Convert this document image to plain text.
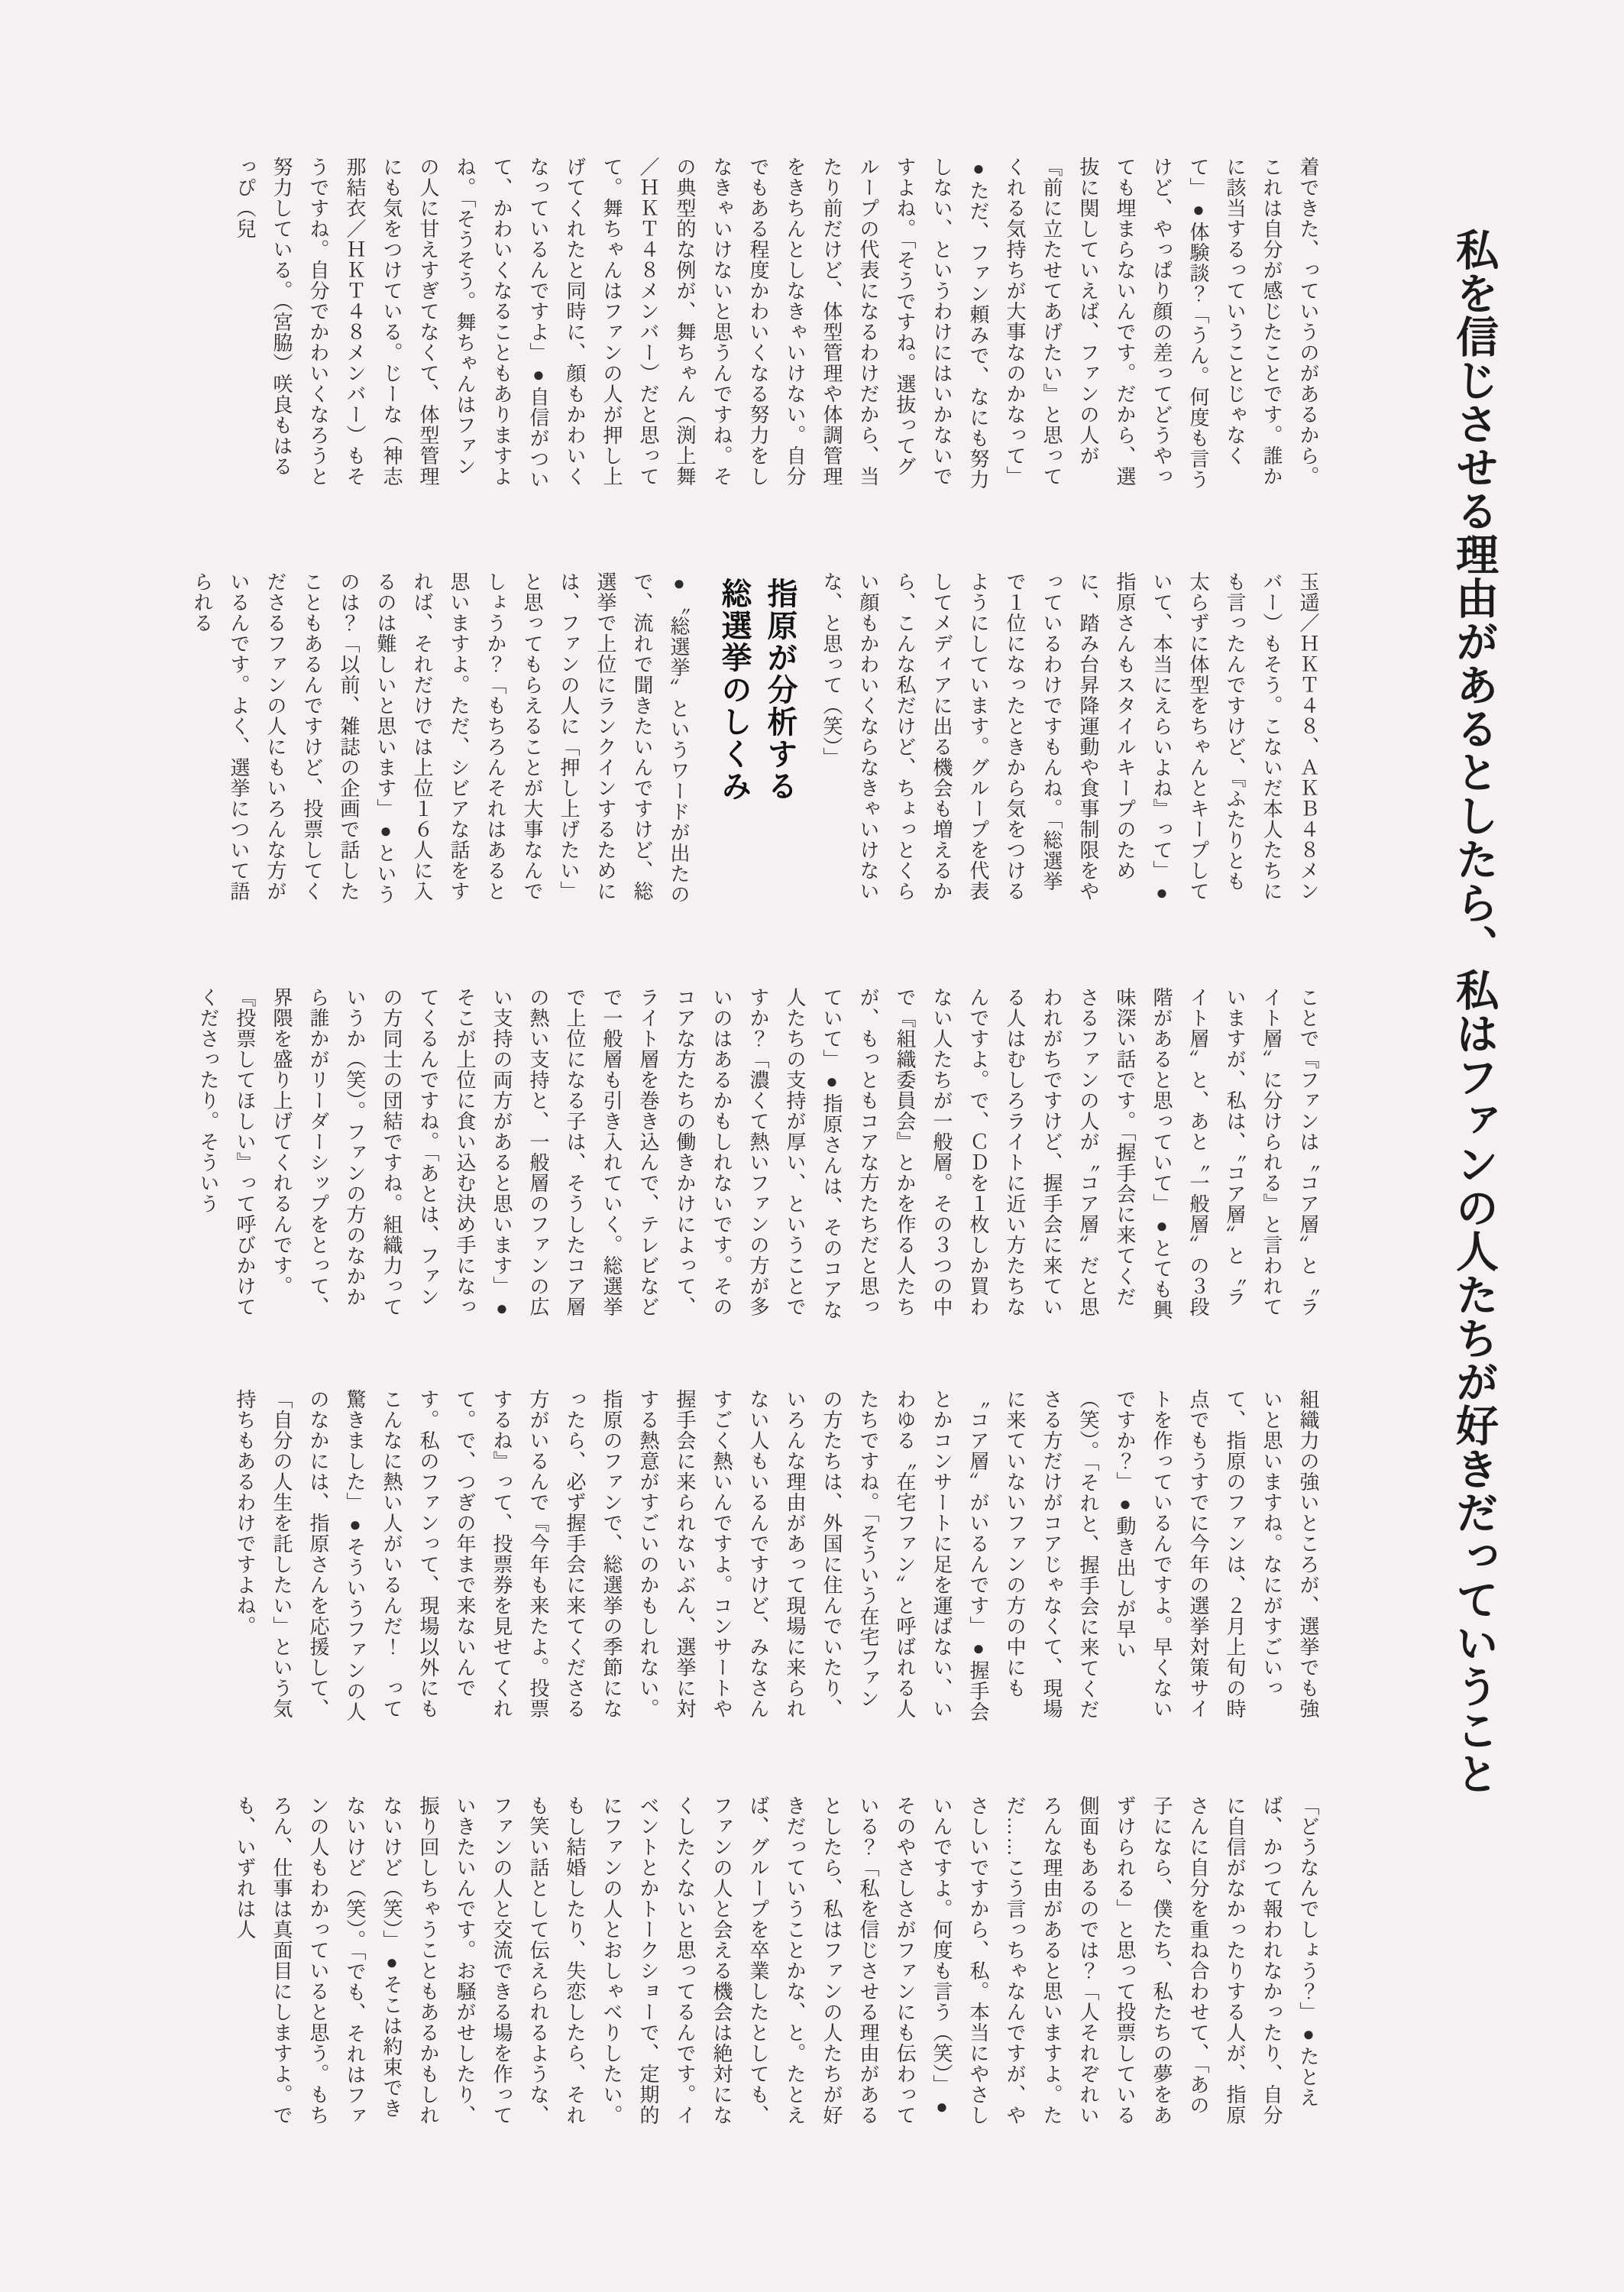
私を信じさせる理由があるとしたら、私はファンの人たちが好きだっていうこと
着できた、っていうのがあるから。これは自分が感じたことです。誰かに該当するっていうことじゃなくて」●体験談？「うん。何度も言うけど、やっぱり顔の差ってどうやっても埋まらないんです。だから、選抜に関していえば、ファンの人が『前に立たせてあげたい』と思ってくれる気持ちが大事なのかなって」●ただ、ファン頼みで、なにも努力しない、というわけにはいかないですよね。「そうですね。選抜ってグループの代表になるわけだから、当たり前だけど、体型管理や体調管理をきちんとしなきゃいけない。自分でもある程度かわいくなる努力をしなきゃいけないと思うんですね。その典型的な例が、舞ちゃん（渕上舞／ＨＫＴ４８メンバー）だと思ってて。舞ちゃんはファンの人が押し上げてくれたと同時に、顔もかわいくなっているんですよ」●自信がついて、かわいくなることもありますよね。「そうそう。舞ちゃんはファンの人に甘えすぎてなくて、体型管理にも気をつけている。じーな（神志那結衣／ＨＫＴ４８メンバー）もそうですね。自分でかわいくなろうと努力している。（宮脇）咲良もはるっぴ（兒
玉遥／ＨＫＴ４８、ＡＫＢ４８メンバー）もそう。こないだ本人たちにも言ったんですけど、『ふたりとも太らずに体型をちゃんとキープしていて、本当にえらいよね』って」●指原さんもスタイルキープのために、踏み台昇降運動や食事制限をやっているわけですもんね。「総選挙で１位になったときから気をつけるようにしています。グループを代表してメディアに出る機会も増えるから、こんな私だけど、ちょっとくらい顔もかわいくならなきゃいけないな、と思って（笑）」
指原が分析する
総選挙のしくみ
●〝総選挙〟というワードが出たので、流れで聞きたいんですけど、総選挙で上位にランクインするためには、ファンの人に「押し上げたい」と思ってもらえることが大事なんでしょうか？「もちろんそれはあると思いますよ。ただ、シビアな話をすれば、それだけでは上位１６人に入るのは難しいと思います」●というのは？「以前、雑誌の企画で話したこともあるんですけど、投票してくださるファンの人にもいろんな方がいるんです。よく、選挙について語られる
ことで『ファンは〝コア層〟と〝ライト層〟に分けられる』と言われていますが、私は、〝コア層〟と〝ライト層〟と、あと〝一般層〟の３段階があると思っていて」●とても興味深い話です。「握手会に来てくださるファンの人が〝コア層〟だと思われがちですけど、握手会に来ている人はむしろライトに近い方たちなんですよ。で、ＣＤを１枚しか買わない人たちが一般層。その３つの中で『組織委員会』とかを作る人たちが、もっともコアな方たちだと思っていて」●指原さんは、そのコアな人たちの支持が厚い、ということですか？「濃くて熱いファンの方が多いのはあるかもしれないです。そのコアな方たちの働きかけによって、ライト層を巻き込んで、テレビなどで一般層も引き入れていく。総選挙で上位になる子は、そうしたコア層の熱い支持と、一般層のファンの広い支持の両方があると思います」●そこが上位に食い込む決め手になってくるんですね。「あとは、ファンの方同士の団結ですね。組織力っていうか（笑）。ファンの方のなかから誰かがリーダーシップをとって、界隈を盛り上げてくれるんです。『投票してほしい』って呼びかけてくださったり。そういう
組織力の強いところが、選挙でも強いと思いますね。なにがすごいって、指原のファンは、２月上旬の時点でもうすでに今年の選挙対策サイトを作っているんですよ。早くないですか？」●動き出しが早い（笑）。「それと、握手会に来てくださる方だけがコアじゃなくて、現場に来ていないファンの方の中にも〝コア層〟がいるんです」●握手会とかコンサートに足を運ばない、いわゆる〝在宅ファン〟と呼ばれる人たちですね。「そういう在宅ファンの方たちは、外国に住んでいたり、いろんな理由があって現場に来られない人もいるんですけど、みなさんすごく熱いんですよ。コンサートや握手会に来られないぶん、選挙に対する熱意がすごいのかもしれない。指原のファンで、総選挙の季節になったら、必ず握手会に来てくださる方がいるんで『今年も来たよ。投票するね』って、投票券を見せてくれて。で、つぎの年まで来ないんです。私のファンって、現場以外にもこんなに熱い人がいるんだ！　って驚きました」●そういうファンの人のなかには、指原さんを応援して、「自分の人生を託したい」という気持ちもあるわけですよね。
「どうなんでしょう？」●たとえば、かつて報われなかったり、自分に自信がなかったりする人が、指原さんに自分を重ね合わせて、「あの子になら、僕たち、私たちの夢をあずけられる」と思って投票している側面もあるのでは？「人それぞれいろんな理由があると思いますよ。ただ……こう言っちゃなんですが、やさしいですから、私。本当にやさしいんですよ。何度も言う（笑）」●そのやさしさがファンにも伝わっている？「私を信じさせる理由があるとしたら、私はファンの人たちが好きだっていうことかな、と。たとえば、グループを卒業したとしても、ファンの人と会える機会は絶対になくしたくないと思ってるんです。イベントとかトークショーで、定期的にファンの人とおしゃべりしたい。もし結婚したり、失恋したら、それも笑い話として伝えられるような、ファンの人と交流できる場を作っていきたいんです。お騒がせしたり、振り回しちゃうこともあるかもしれないけど（笑）」●そこは約束できないけど（笑）。「でも、それはファンの人もわかっていると思う。もちろん、仕事は真面目にしますよ。でも、いずれは人
